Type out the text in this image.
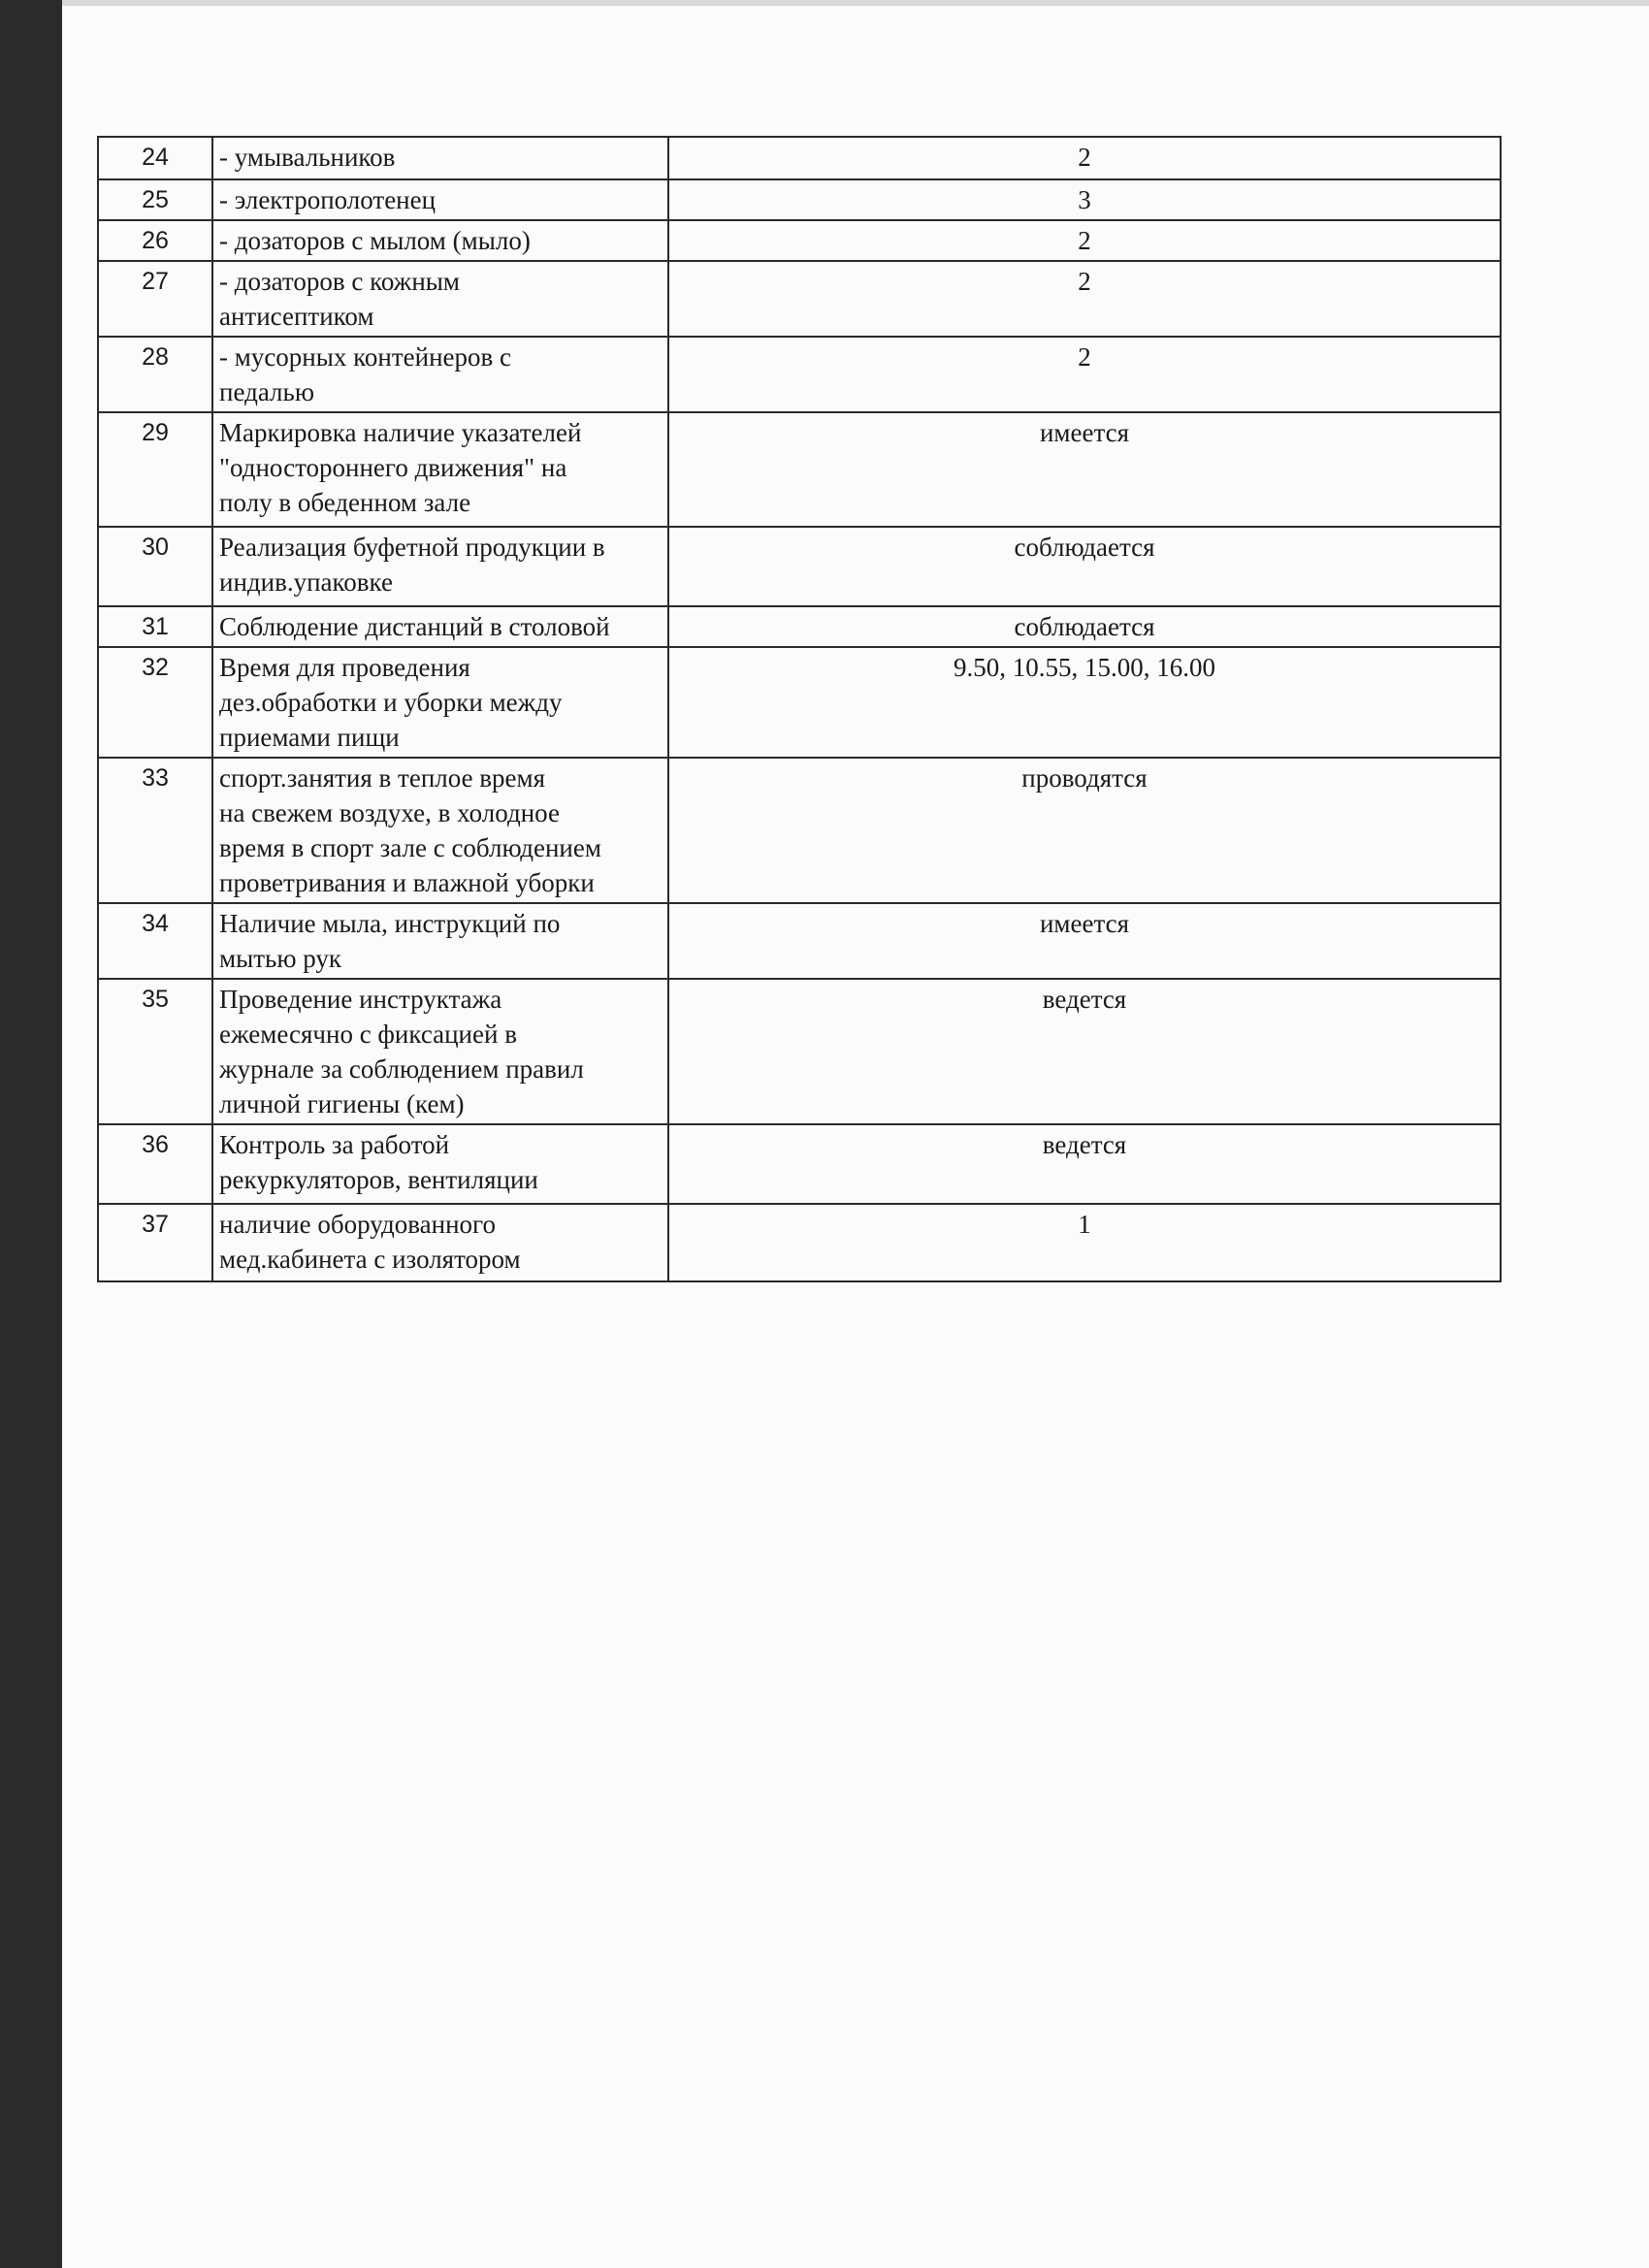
24	- умывальников	2
25	- электрополотенец	3
26	- дозаторов с мылом (мыло)	2
27	- дозаторов с кожным
антисептиком	2
28	- мусорных контейнеров с
педалью	2
29	Маркировка наличие указателей
"одностороннего движения" на
полу в обеденном зале	имеется
30	Реализация буфетной продукции в
индив.упаковке	соблюдается
31	Соблюдение дистанций в столовой	соблюдается
32	Время для проведения
дез.обработки и уборки между
приемами пищи	9.50, 10.55, 15.00, 16.00
33	спорт.занятия в теплое время
на свежем воздухе, в холодное
время в спорт зале с соблюдением
проветривания и влажной уборки	проводятся
34	Наличие мыла, инструкций по
мытью рук	имеется
35	Проведение инструктажа
ежемесячно с фиксацией в
журнале за соблюдением правил
личной гигиены (кем)	ведется
36	Контроль за работой
рекуркуляторов, вентиляции	ведется
37	наличие оборудованного
мед.кабинета с изолятором	1
